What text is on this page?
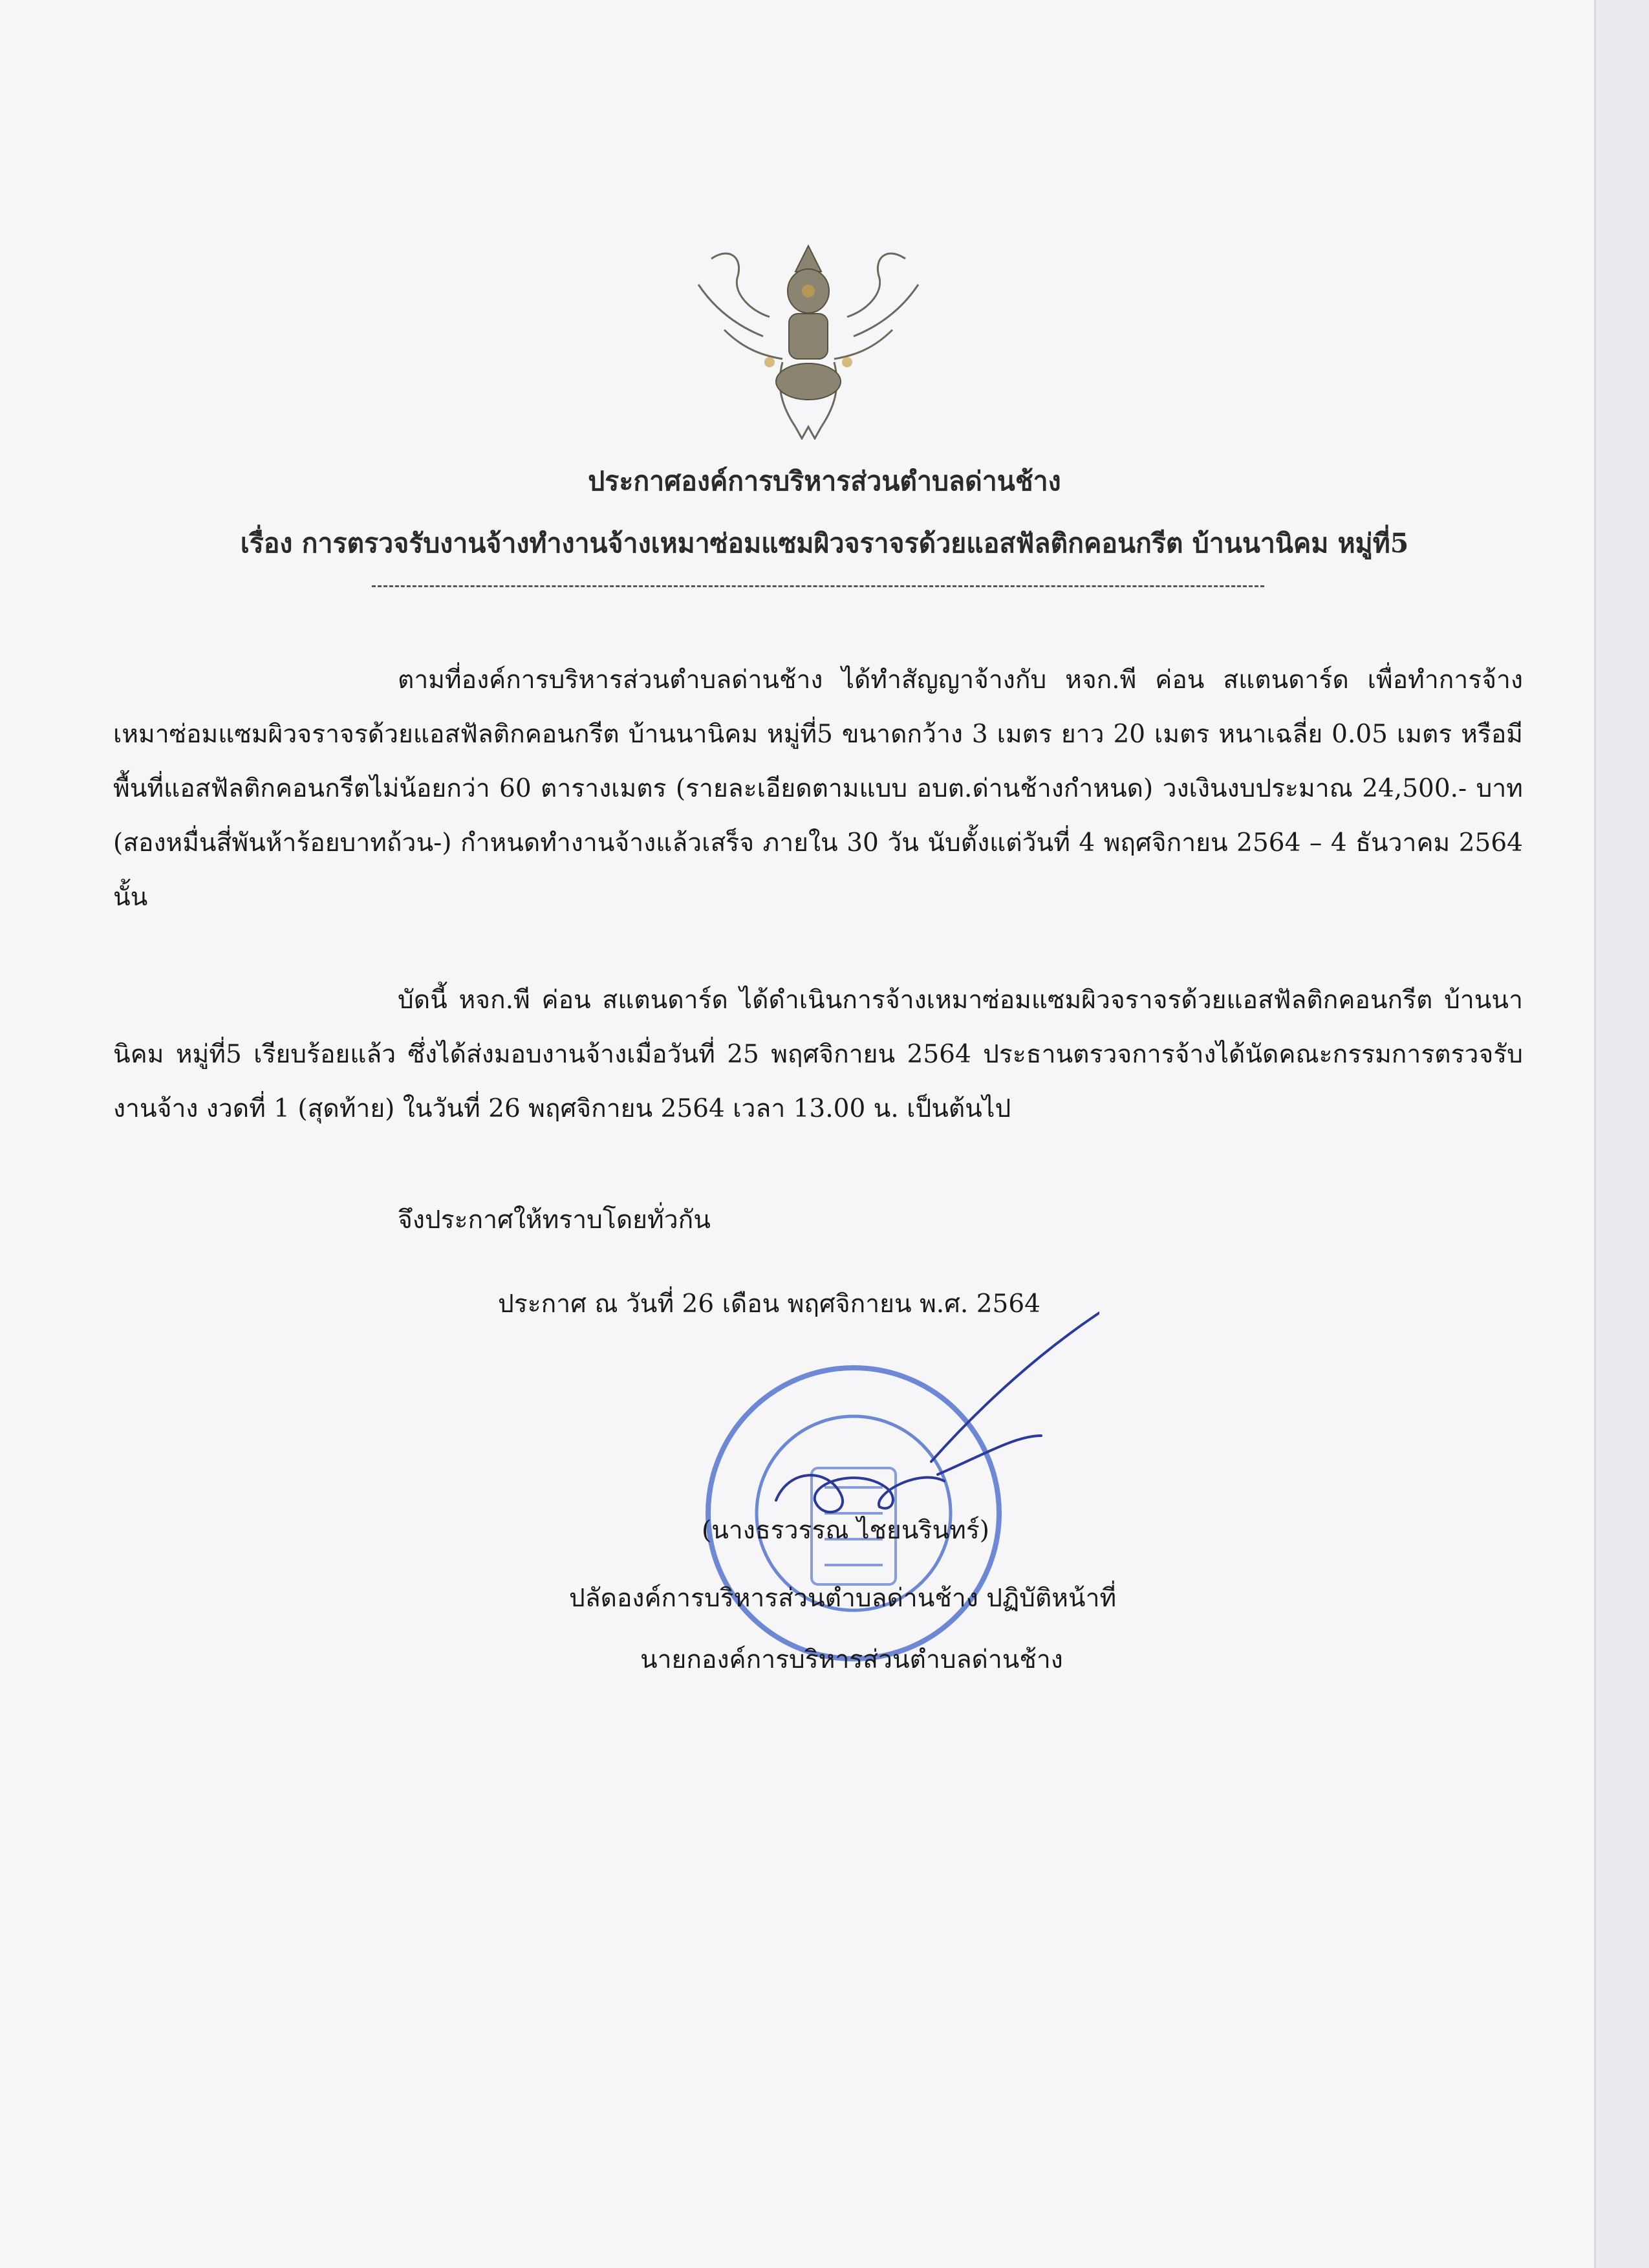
ประกาศองค์การบริหารส่วนตำบลด่านช้าง
เรื่อง การตรวจรับงานจ้างทำงานจ้างเหมาซ่อมแซมผิวจราจรด้วยแอสฟัลติกคอนกรีต บ้านนานิคม หมู่ที่5
ตามที่องค์การบริหารส่วนตำบลด่านช้าง ได้ทำสัญญาจ้างกับ หจก.พี ค่อน สแตนดาร์ด เพื่อทำการจ้างเหมาซ่อมแซมผิวจราจรด้วยแอสฟัลติกคอนกรีต บ้านนานิคม หมู่ที่5 ขนาดกว้าง 3 เมตร ยาว 20 เมตร หนาเฉลี่ย 0.05 เมตร หรือมีพื้นที่แอสฟัลติกคอนกรีตไม่น้อยกว่า 60 ตารางเมตร (รายละเอียดตามแบบ อบต.ด่านช้างกำหนด) วงเงินงบประมาณ 24,500.- บาท (สองหมื่นสี่พันห้าร้อยบาทถ้วน-) กำหนดทำงานจ้างแล้วเสร็จ ภายใน 30 วัน นับตั้งแต่วันที่ 4 พฤศจิกายน 2564 – 4 ธันวาคม 2564 นั้น
บัดนี้ หจก.พี ค่อน สแตนดาร์ด ได้ดำเนินการจ้างเหมาซ่อมแซมผิวจราจรด้วยแอสฟัลติกคอนกรีต บ้านนานิคม หมู่ที่5 เรียบร้อยแล้ว ซึ่งได้ส่งมอบงานจ้างเมื่อวันที่ 25 พฤศจิกายน 2564 ประธานตรวจการจ้างได้นัดคณะกรรมการตรวจรับงานจ้าง งวดที่ 1 (สุดท้าย) ในวันที่ 26 พฤศจิกายน 2564 เวลา 13.00 น. เป็นต้นไป
จึงประกาศให้ทราบโดยทั่วกัน
ประกาศ ณ วันที่ 26 เดือน พฤศจิกายน พ.ศ. 2564
(นางธรวรรณ ไชยนรินทร์)
ปลัดองค์การบริหารส่วนตำบลด่านช้าง ปฏิบัติหน้าที่
นายกองค์การบริหารส่วนตำบลด่านช้าง
